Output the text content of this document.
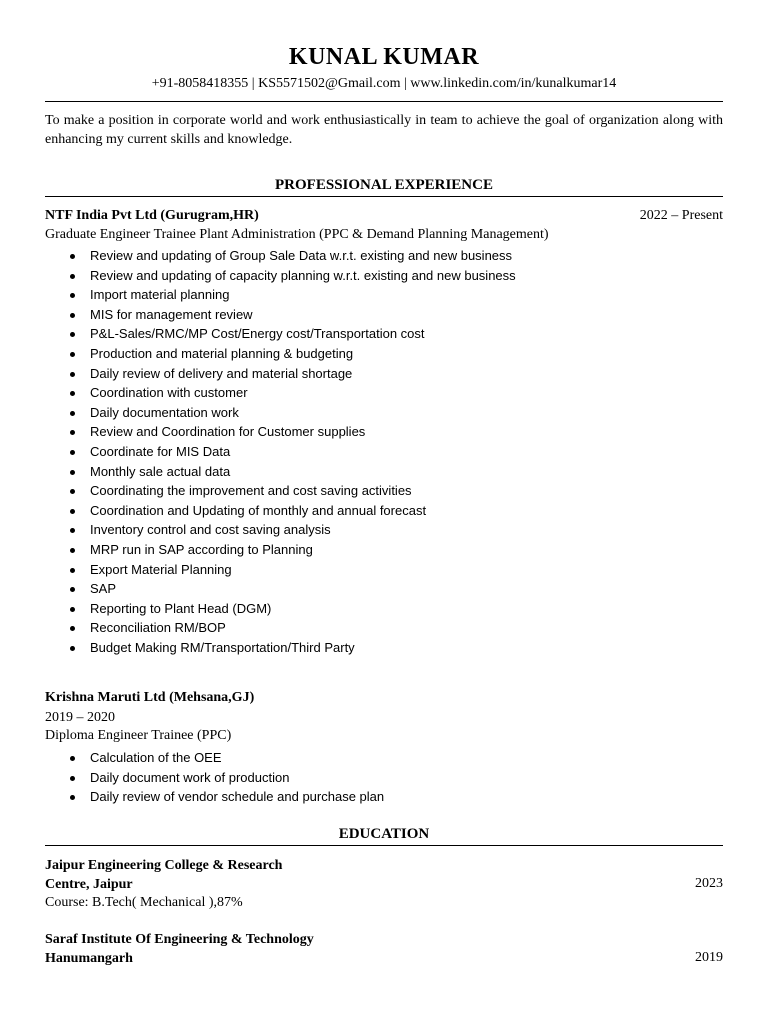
KUNAL KUMAR
+91-8058418355 | KS5571502@Gmail.com | www.linkedin.com/in/kunalkumar14
To make a position in corporate world and work enthusiastically in team to achieve the goal of organization along with enhancing my current skills and knowledge.
PROFESSIONAL EXPERIENCE
NTF India Pvt Ltd (Gurugram,HR)	2022 – Present
Graduate Engineer Trainee Plant Administration (PPC & Demand Planning Management)
Review and updating of Group Sale Data w.r.t. existing and new business
Review and updating of capacity planning w.r.t. existing and new business
Import material planning
MIS for management review
P&L-Sales/RMC/MP Cost/Energy cost/Transportation cost
Production and material planning & budgeting
Daily review of delivery and material shortage
Coordination with customer
Daily documentation work
Review and Coordination for Customer supplies
Coordinate for MIS Data
Monthly sale actual data
Coordinating the improvement and cost saving activities
Coordination and Updating of monthly and annual forecast
Inventory control and cost saving analysis
MRP run in SAP according to Planning
Export Material Planning
SAP
Reporting to Plant Head (DGM)
Reconciliation RM/BOP
Budget Making RM/Transportation/Third Party
Krishna Maruti Ltd (Mehsana,GJ)
2019 – 2020
Diploma Engineer Trainee (PPC)
Calculation of the OEE
Daily document work of production
Daily review of vendor schedule and purchase plan
EDUCATION
Jaipur Engineering College & Research
Centre, Jaipur
Course: B.Tech( Mechanical ),87%
2023
Saraf Institute Of Engineering & Technology
Hanumangarh	2019
